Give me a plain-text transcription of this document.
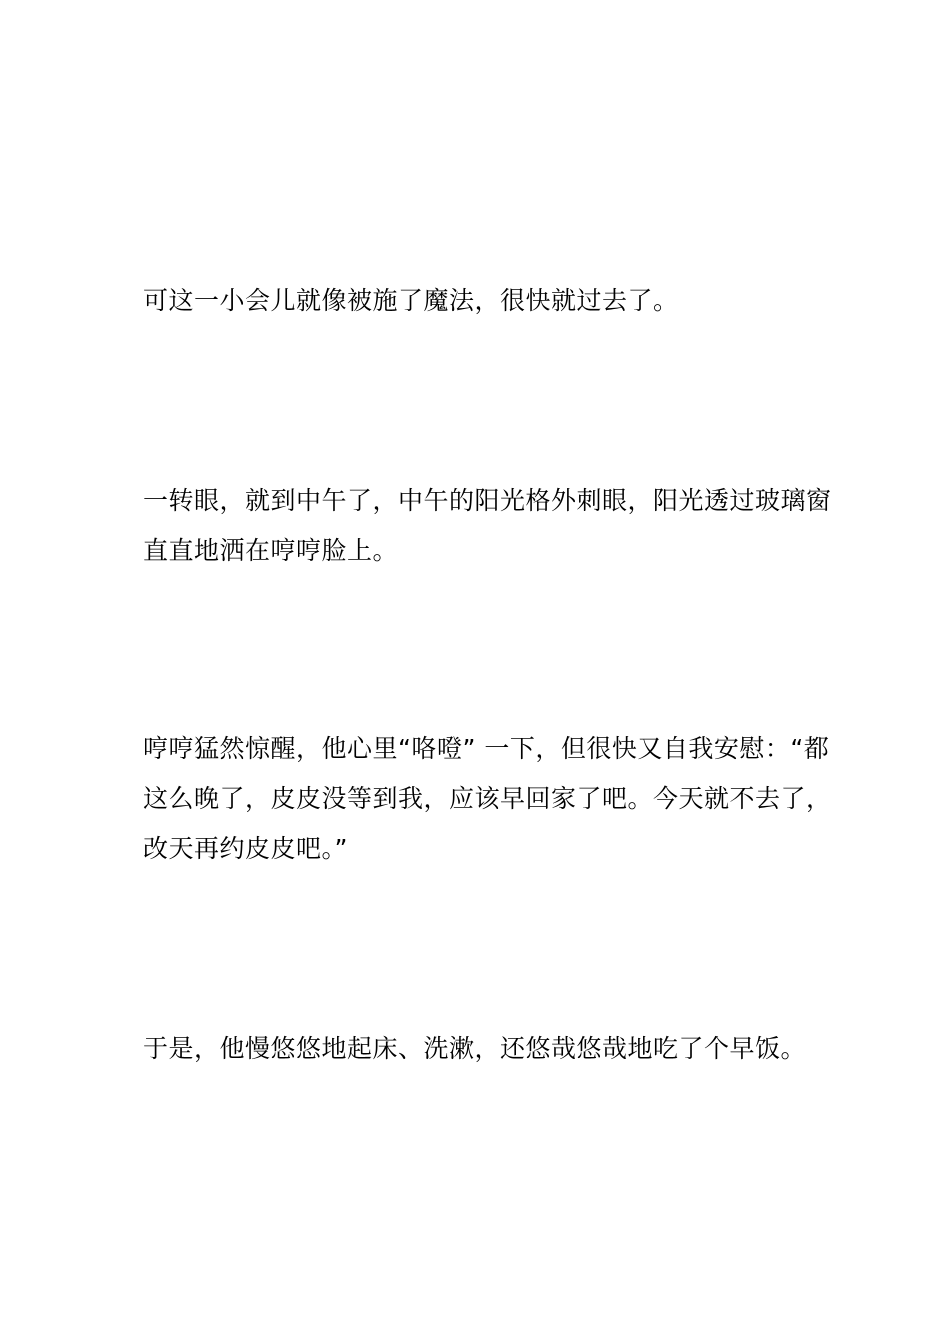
可这一小会儿就像被施了魔法，很快就过去了。

一转眼，就到中午了，中午的阳光格外刺眼，阳光透过玻璃窗直直地洒在哼哼脸上。

哼哼猛然惊醒，他心里“咯噔” 一下，但很快又自我安慰：“都这么晚了，皮皮没等到我，应该早回家了吧。今天就不去了，改天再约皮皮吧。”

于是，他慢悠悠地起床、洗漱，还悠哉悠哉地吃了个早饭。
